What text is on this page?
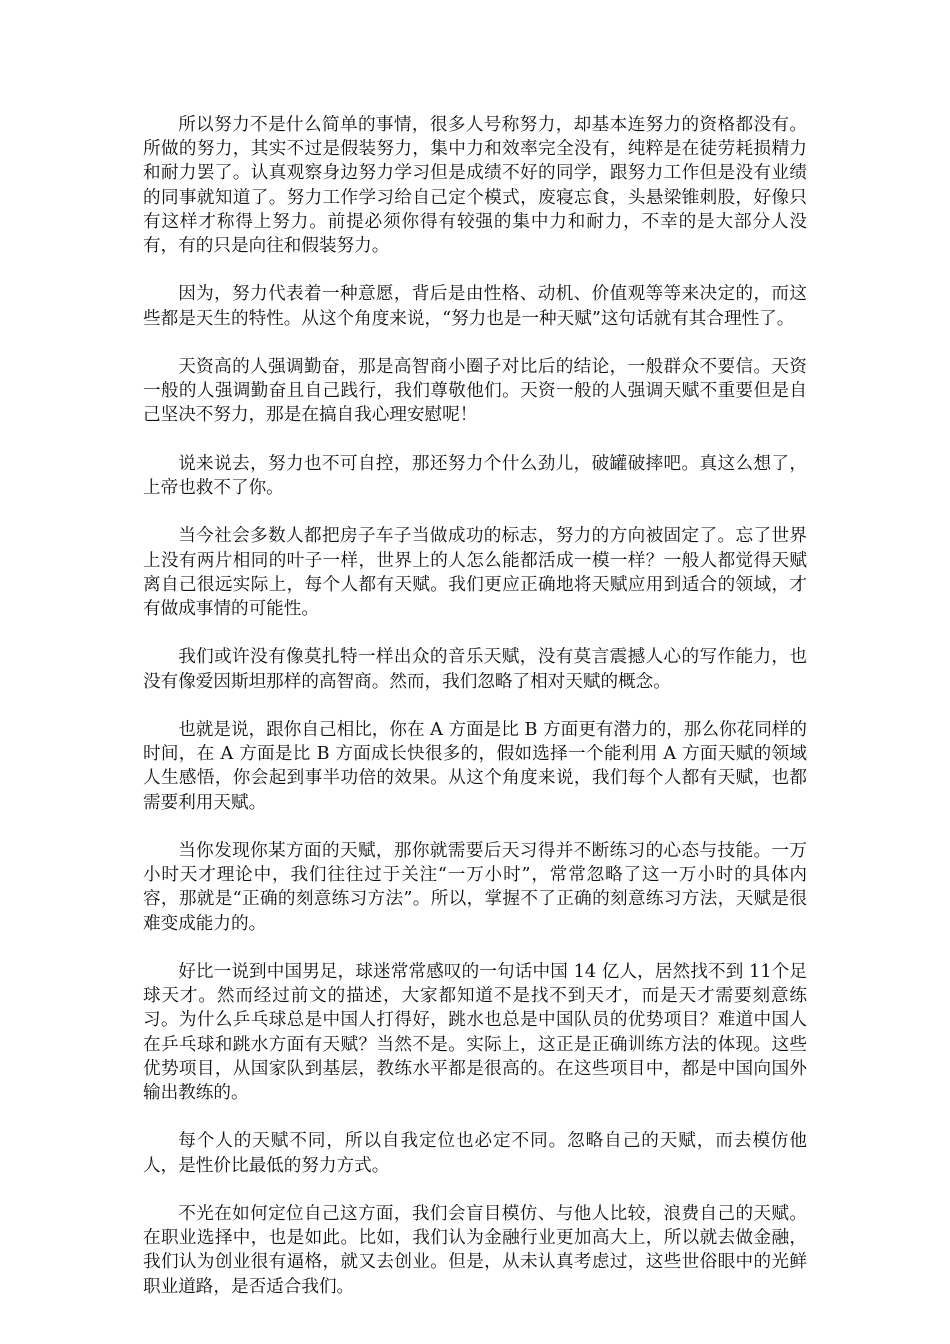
所以努力不是什么简单的事情，很多人号称努力，却基本连努力的资格都没有。所做的努力，其实不过是假装努力，集中力和效率完全没有，纯粹是在徒劳耗损精力和耐力罢了。认真观察身边努力学习但是成绩不好的同学，跟努力工作但是没有业绩的同事就知道了。努力工作学习给自己定个模式，废寝忘食，头悬梁锥刺股，好像只有这样才称得上努力。前提必须你得有较强的集中力和耐力，不幸的是大部分人没有，有的只是向往和假装努力。

因为，努力代表着一种意愿，背后是由性格、动机、价值观等等来决定的，而这些都是天生的特性。从这个角度来说，“努力也是一种天赋”这句话就有其合理性了。

天资高的人强调勤奋，那是高智商小圈子对比后的结论，一般群众不要信。天资一般的人强调勤奋且自己践行，我们尊敬他们。天资一般的人强调天赋不重要但是自己坚决不努力，那是在搞自我心理安慰呢！

说来说去，努力也不可自控，那还努力个什么劲儿，破罐破摔吧。真这么想了，上帝也救不了你。

当今社会多数人都把房子车子当做成功的标志，努力的方向被固定了。忘了世界上没有两片相同的叶子一样，世界上的人怎么能都活成一模一样？一般人都觉得天赋离自己很远实际上，每个人都有天赋。我们更应正确地将天赋应用到适合的领域，才有做成事情的可能性。

我们或许没有像莫扎特一样出众的音乐天赋，没有莫言震撼人心的写作能力，也没有像爱因斯坦那样的高智商。然而，我们忽略了相对天赋的概念。

也就是说，跟你自己相比，你在 A 方面是比 B 方面更有潜力的，那么你花同样的时间，在 A 方面是比 B 方面成长快很多的，假如选择一个能利用 A 方面天赋的领域人生感悟，你会起到事半功倍的效果。从这个角度来说，我们每个人都有天赋，也都需要利用天赋。

当你发现你某方面的天赋，那你就需要后天习得并不断练习的心态与技能。一万小时天才理论中，我们往往过于关注“一万小时”，常常忽略了这一万小时的具体内容，那就是“正确的刻意练习方法”。所以，掌握不了正确的刻意练习方法，天赋是很难变成能力的。

好比一说到中国男足，球迷常常感叹的一句话中国 14 亿人，居然找不到 11个足球天才。然而经过前文的描述，大家都知道不是找不到天才，而是天才需要刻意练习。为什么乒乓球总是中国人打得好，跳水也总是中国队员的优势项目？难道中国人在乒乓球和跳水方面有天赋？当然不是。实际上，这正是正确训练方法的体现。这些优势项目，从国家队到基层，教练水平都是很高的。在这些项目中，都是中国向国外输出教练的。

每个人的天赋不同，所以自我定位也必定不同。忽略自己的天赋，而去模仿他人，是性价比最低的努力方式。

不光在如何定位自己这方面，我们会盲目模仿、与他人比较，浪费自己的天赋。在职业选择中，也是如此。比如，我们认为金融行业更加高大上，所以就去做金融，我们认为创业很有逼格，就又去创业。但是，从未认真考虑过，这些世俗眼中的光鲜职业道路，是否适合我们。
